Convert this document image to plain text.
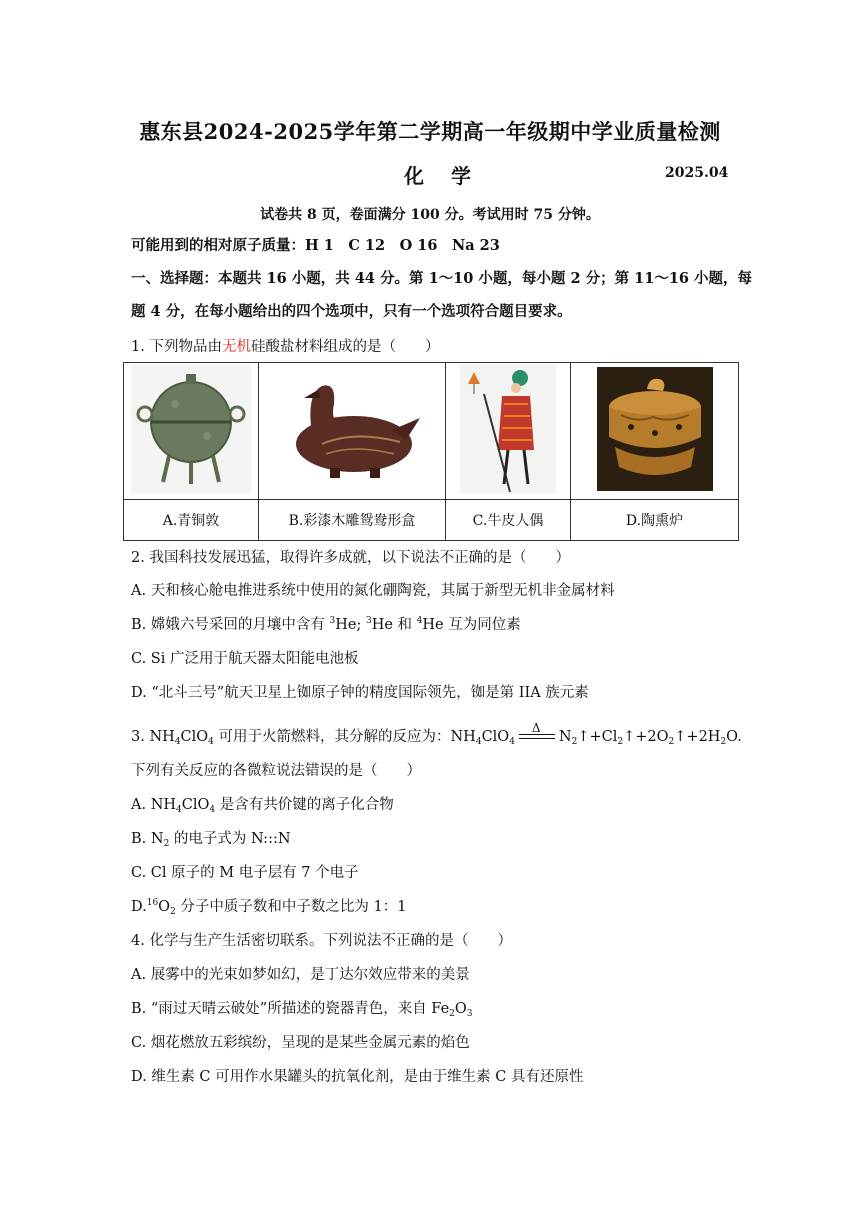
惠东县2024-2025学年第二学期高一年级期中学业质量检测
化 学	2025.04
试卷共 8 页，卷面满分 100 分。考试用时 75 分钟。
可能用到的相对原子质量：H 1　C 12　O 16　Na 23
一、选择题：本题共 16 小题，共 44 分。第 1～10 小题，每小题 2 分；第 11～16 小题，每
题 4 分，在每小题给出的四个选项中，只有一个选项符合题目要求。
1. 下列物品由无机硅酸盐材料组成的是（　　）

A.青铜敦	B.彩漆木雕鸳鸯形盒	C.牛皮人偶	D.陶熏炉
2. 我国科技发展迅猛，取得许多成就，以下说法不正确的是（　　）
A. 天和核心舱电推进系统中使用的氮化硼陶瓷，其属于新型无机非金属材料
B. 嫦娥六号采回的月壤中含有 $^3$He; $^3$He 和 $^4$He 互为同位素
C. Si 广泛用于航天器太阳能电池板
D. “北斗三号”航天卫星上铷原子钟的精度国际领先，铷是第 IIA 族元素
3. $NH_4ClO_4$ 可用于火箭燃料，其分解的反应为：$NH_4ClO_4$
Δ
$N_2↑+Cl_2↑+2O_2↑+2H_2O$.
下列有关反应的各微粒说法错误的是（　　）
A. $NH_4ClO_4$ 是含有共价键的离子化合物
B. $N_2$ 的电子式为 N:::N
C. Cl 原子的 M 电子层有 7 个电子
$D.^{16}O_2$ 分子中质子数和中子数之比为 1：1
4. 化学与生产生活密切联系。下列说法不正确的是（　　）
A. 展雾中的光束如梦如幻，是丁达尔效应带来的美景
B. “雨过天晴云破处”所描述的瓷器青色，来自 $Fe_2O_3$
C. 烟花燃放五彩缤纷，呈现的是某些金属元素的焰色
D. 维生素 C 可用作水果罐头的抗氧化剂，是由于维生素 C 具有还原性
